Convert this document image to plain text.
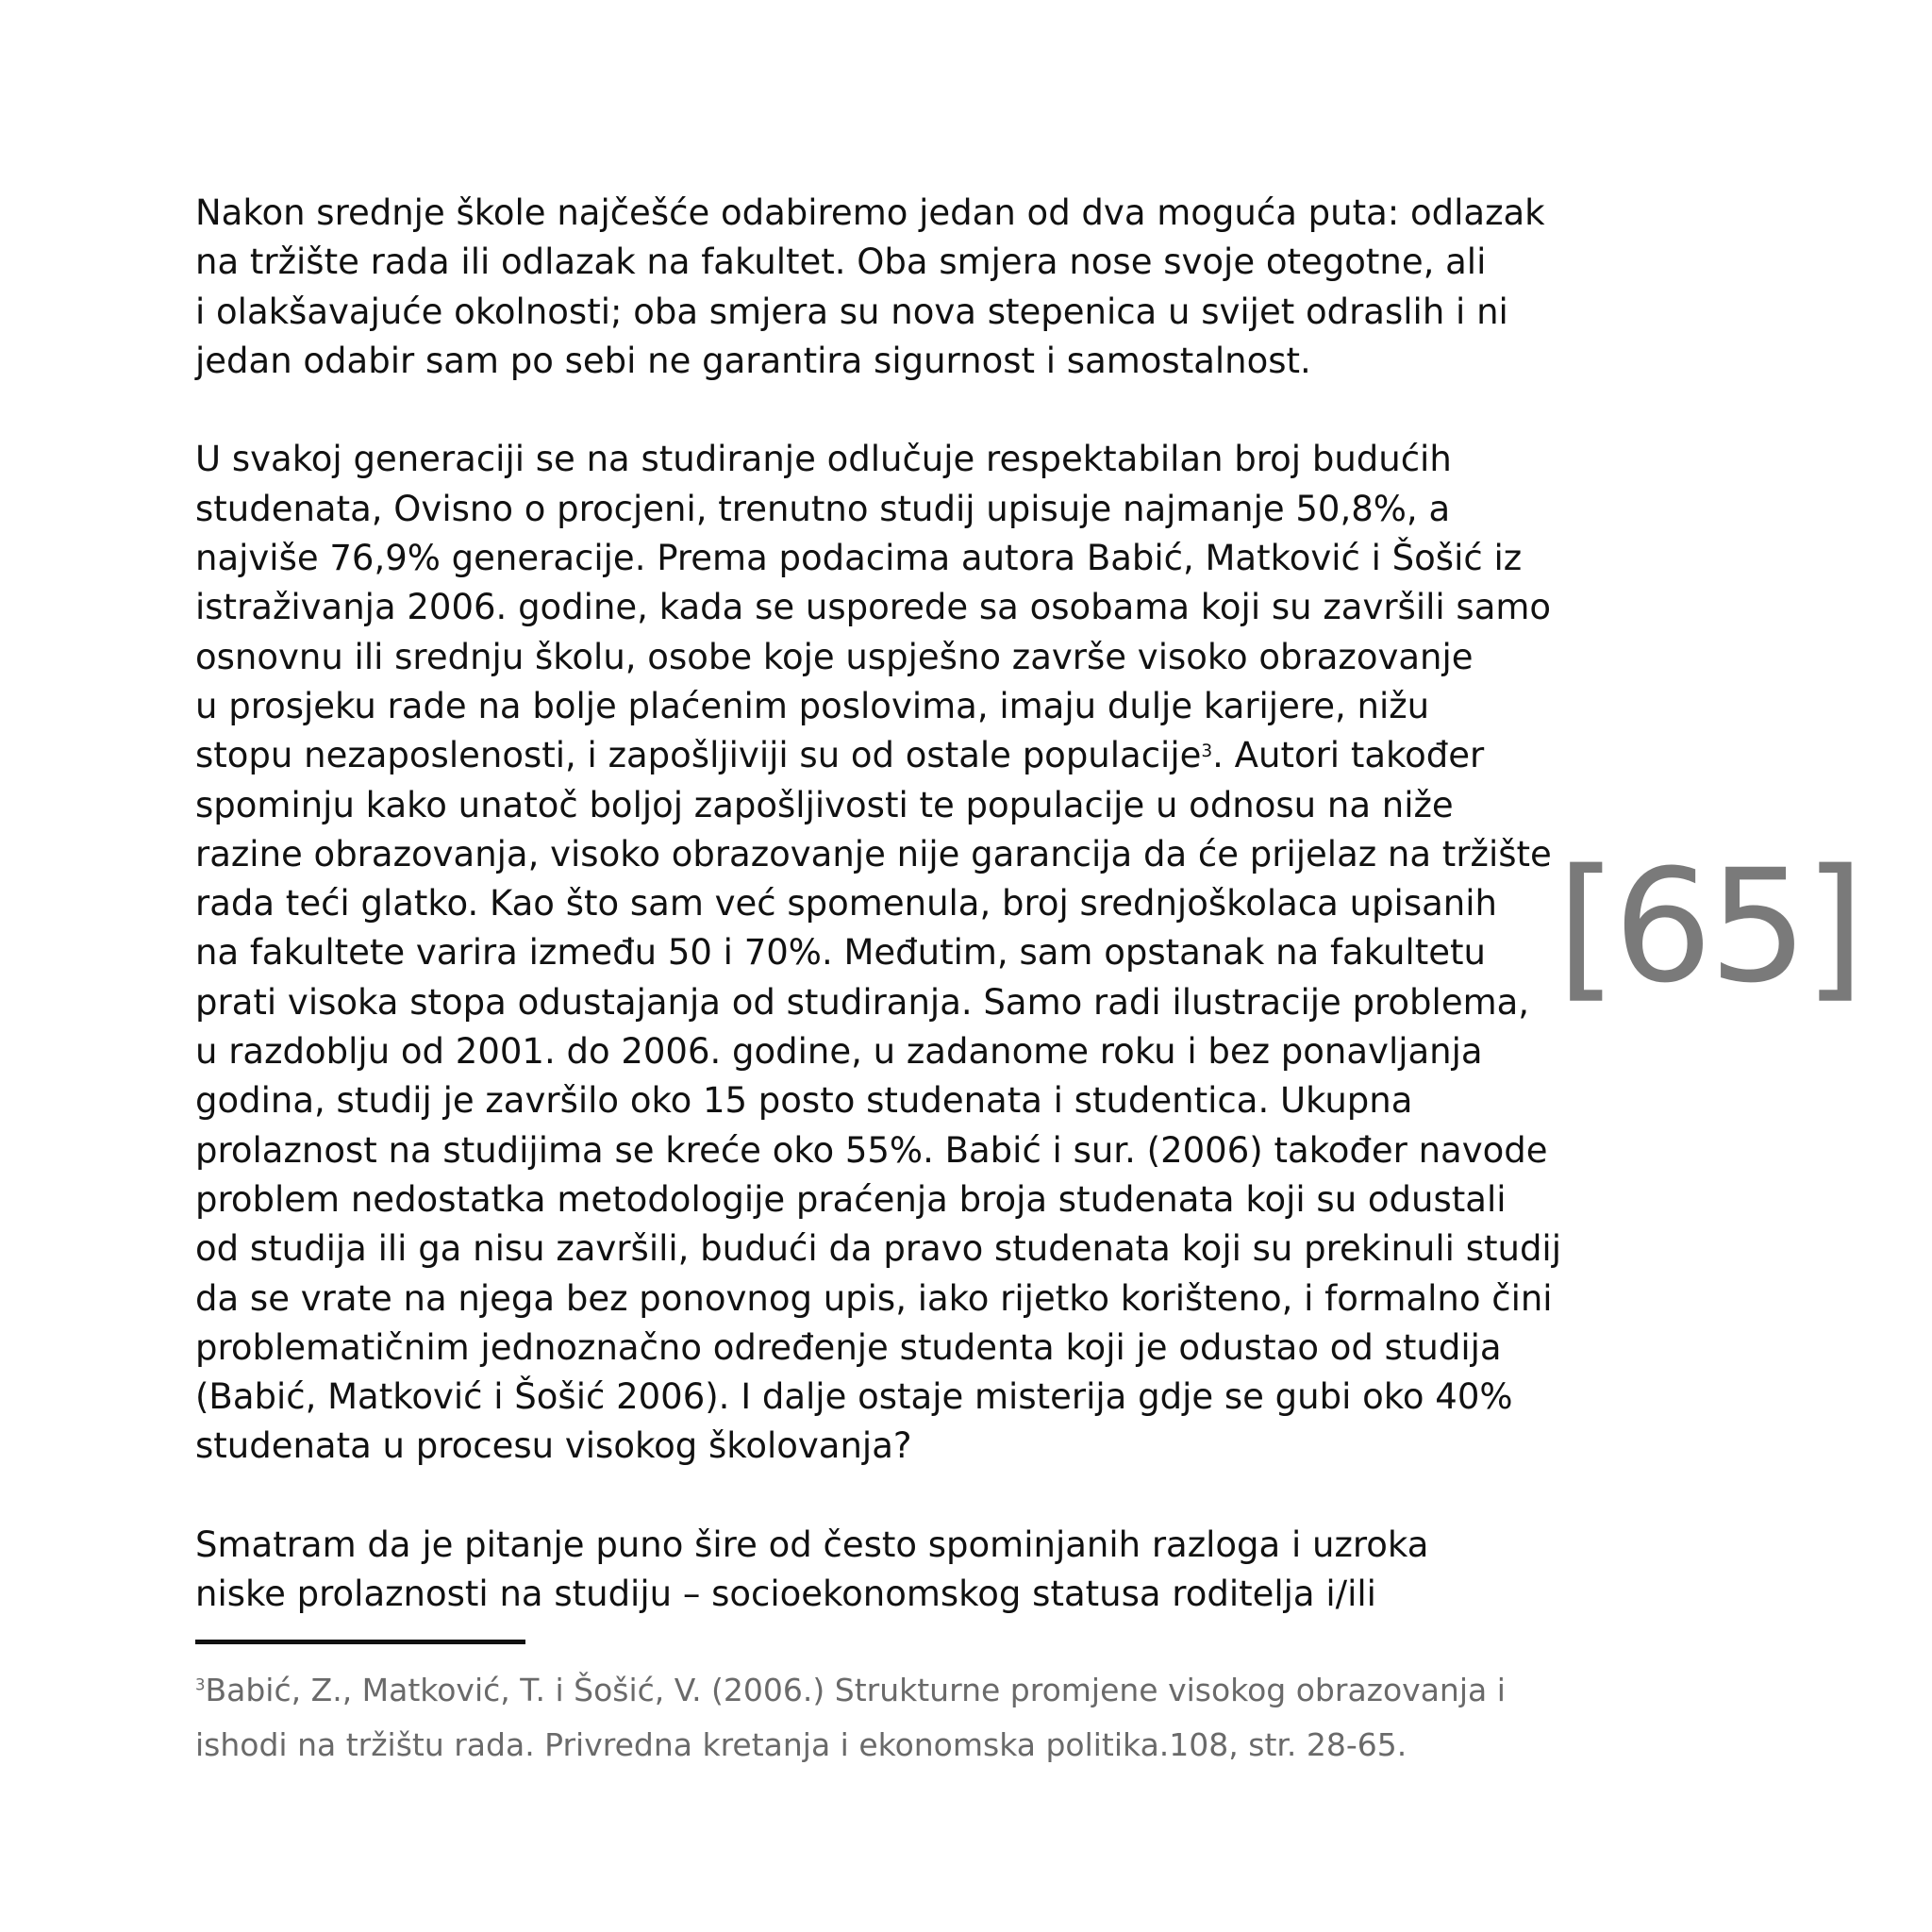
Nakon srednje škole najčešće odabiremo jedan od dva moguća puta: odlazak
na tržište rada ili odlazak na fakultet. Oba smjera nose svoje otegotne, ali
i olakšavajuće okolnosti; oba smjera su nova stepenica u svijet odraslih i ni
jedan odabir sam po sebi ne garantira sigurnost i samostalnost.

U svakoj generaciji se na studiranje odlučuje respektabilan broj budućih
studenata, Ovisno o procjeni, trenutno studij upisuje najmanje 50,8%, a
najviše 76,9% generacije. Prema podacima autora Babić, Matković i Šošić iz
istraživanja 2006. godine, kada se usporede sa osobama koji su završili samo
osnovnu ili srednju školu, osobe koje uspješno završe visoko obrazovanje
u prosjeku rade na bolje plaćenim poslovima, imaju dulje karijere, nižu
stopu nezaposlenosti, i zapošljiviji su od ostale populacije$^3$. Autori također
spominju kako unatoč boljoj zapošljivosti te populacije u odnosu na niže
razine obrazovanja, visoko obrazovanje nije garancija da će prijelaz na tržište
rada teći glatko. Kao što sam već spomenula, broj srednjoškolaca upisanih
na fakultete varira između 50 i 70%. Međutim, sam opstanak na fakultetu
prati visoka stopa odustajanja od studiranja. Samo radi ilustracije problema,
u razdoblju od 2001. do 2006. godine, u zadanome roku i bez ponavljanja
godina, studij je završilo oko 15 posto studenata i studentica. Ukupna
prolaznost na studijima se kreće oko 55%. Babić i sur. (2006) također navode
problem nedostatka metodologije praćenja broja studenata koji su odustali
od studija ili ga nisu završili, budući da pravo studenata koji su prekinuli studij
da se vrate na njega bez ponovnog upis, iako rijetko korišteno, i formalno čini
problematičnim jednoznačno određenje studenta koji je odustao od studija
(Babić, Matković i Šošić 2006). I dalje ostaje misterija gdje se gubi oko 40%
studenata u procesu visokog školovanja?

Smatram da je pitanje puno šire od često spominjanih razloga i uzroka
niske prolaznosti na studiju – socioekonomskog statusa roditelja i/ili

$^3$Babić, Z., Matković, T. i Šošić, V. (2006.) Strukturne promjene visokog obrazovanja i
ishodi na tržištu rada. Privredna kretanja i ekonomska politika.108, str. 28-65.
[65]
